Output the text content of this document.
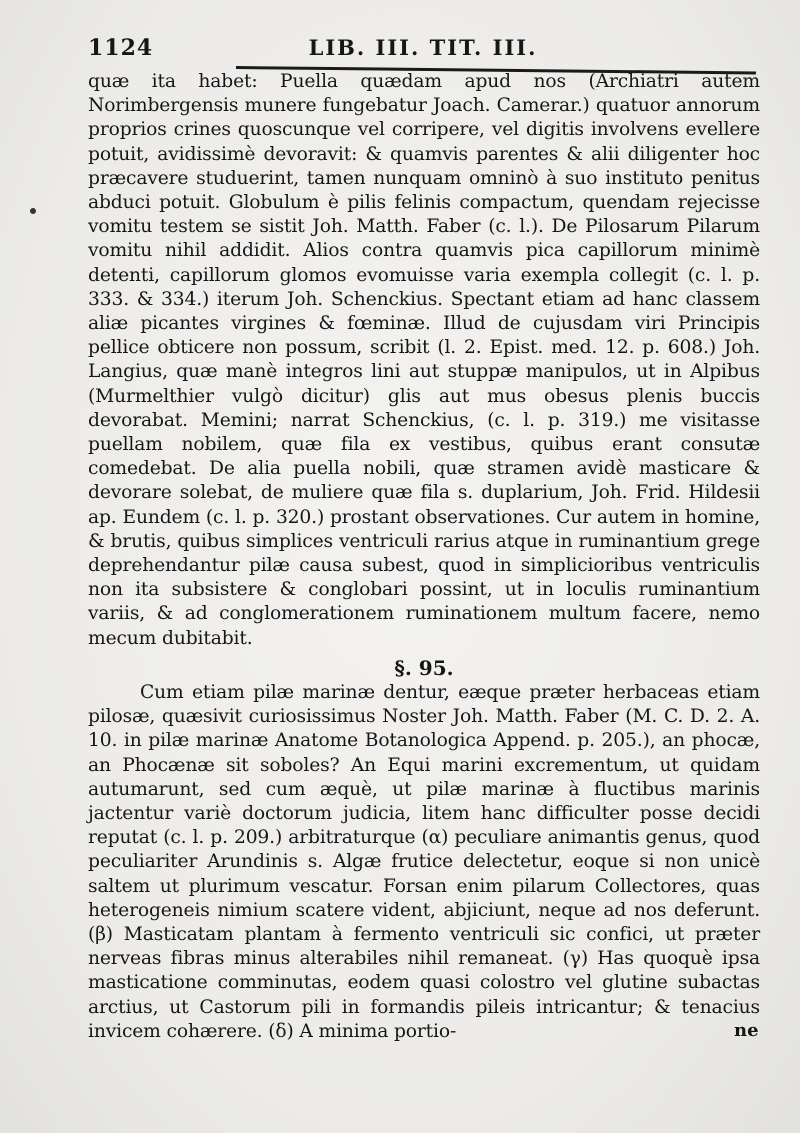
1124	LIB. III. TIT. III.

quæ ita habet: Puella quædam apud nos (Archiatri autem Norimbergensis munere fungebatur Joach. Camerar.) quatuor annorum proprios crines quoscunque vel corripere, vel digitis involvens evellere potuit, avidissimè devoravit: & quamvis parentes & alii diligenter hoc præcavere studuerint, tamen nunquam omninò à suo instituto penitus abduci potuit. Globulum è pilis felinis compactum, quendam rejecisse vomitu testem se sistit Joh. Matth. Faber (c. l.). De Pilosarum Pilarum vomitu nihil addidit. Alios contra quamvis pica capillorum minimè detenti, capillorum glomos evomuisse varia exempla collegit (c. l. p. 333. & 334.) iterum Joh. Schenckius. Spectant etiam ad hanc classem aliæ picantes virgines & fœminæ. Illud de cujusdam viri Principis pellice obticere non possum, scribit (l. 2. Epist. med. 12. p. 608.) Joh. Langius, quæ manè integros lini aut stuppæ manipulos, ut in Alpibus (Murmelthier vulgò dicitur) glis aut mus obesus plenis buccis devorabat. Memini; narrat Schenckius, (c. l. p. 319.) me visitasse puellam nobilem, quæ fila ex vestibus, quibus erant consutæ comedebat. De alia puella nobili, quæ stramen avidè masticare & devorare solebat, de muliere quæ fila s. duplarium, Joh. Frid. Hildesii ap. Eundem (c. l. p. 320.) prostant observationes. Cur autem in homine, & brutis, quibus simplices ventriculi rarius atque in ruminantium grege deprehendantur pilæ causa subest, quod in simplicioribus ventriculis non ita subsistere & conglobari possint, ut in loculis ruminantium variis, & ad conglomerationem ruminationem multum facere, nemo mecum dubitabit.

§. 95.
Cum etiam pilæ marinæ dentur, eæque præter herbaceas etiam pilosæ, quæsivit curiosissimus Noster Joh. Matth. Faber (M. C. D. 2. A. 10. in pilæ marinæ Anatome Botanologica Append. p. 205.), an phocæ, an Phocænæ sit soboles? An Equi marini excrementum, ut quidam autumarunt, sed cum æquè, ut pilæ marinæ à fluctibus marinis jactentur variè doctorum judicia, litem hanc difficulter posse decidi reputat (c. l. p. 209.) arbitraturque (α) peculiare animantis genus, quod peculiariter Arundinis s. Algæ frutice delectetur, eoque si non unicè saltem ut plurimum vescatur. Forsan enim pilarum Collectores, quas heterogeneis nimium scatere vident, abjiciunt, neque ad nos deferunt. (β) Masticatam plantam à fermento ventriculi sic confici, ut præter nerveas fibras minus alterabiles nihil remaneat. (γ) Has quoquè ipsa masticatione comminutas, eodem quasi colostro vel glutine subactas arctius, ut Castorum pili in formandis pileis intricantur; & tenacius invicem cohærere. (δ) A minima portio-	ne
